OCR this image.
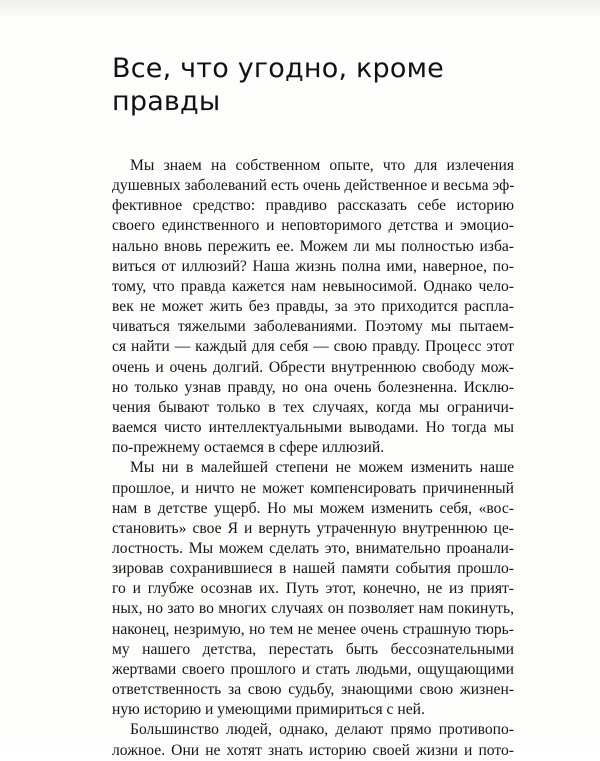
Все, что угодно, кроме
правды
Мы знаем на собственном опыте, что для излечения
душевных заболеваний есть очень действенное и весьма эф-
фективное средство: правдиво рассказать себе историю
своего единственного и неповторимого детства и эмоцио-
нально вновь пережить ее. Можем ли мы полностью изба-
виться от иллюзий? Наша жизнь полна ими, наверное, по-
тому, что правда кажется нам невыносимой. Однако чело-
век не может жить без правды, за это приходится распла-
чиваться тяжелыми заболеваниями. Поэтому мы пытаем-
ся найти — каждый для себя — свою правду. Процесс этот
очень и очень долгий. Обрести внутреннюю свободу мож-
но только узнав правду, но она очень болезненна. Исклю-
чения бывают только в тех случаях, когда мы ограничи-
ваемся чисто интеллектуальными выводами. Но тогда мы
по-прежнему остаемся в сфере иллюзий.
Мы ни в малейшей степени не можем изменить наше
прошлое, и ничто не может компенсировать причиненный
нам в детстве ущерб. Но мы можем изменить себя, «вос-
становить» свое Я и вернуть утраченную внутреннюю це-
лостность. Мы можем сделать это, внимательно проанали-
зировав сохранившиеся в нашей памяти события прошло-
го и глубже осознав их. Путь этот, конечно, не из прият-
ных, но зато во многих случаях он позволяет нам покинуть,
наконец, незримую, но тем не менее очень страшную тюрь-
му нашего детства, перестать быть бессознательными
жертвами своего прошлого и стать людьми, ощущающими
ответственность за свою судьбу, знающими свою жизнен-
ную историю и умеющими примириться с ней.
Большинство людей, однако, делают прямо противопо-
ложное. Они не хотят знать историю своей жизни и пото-
